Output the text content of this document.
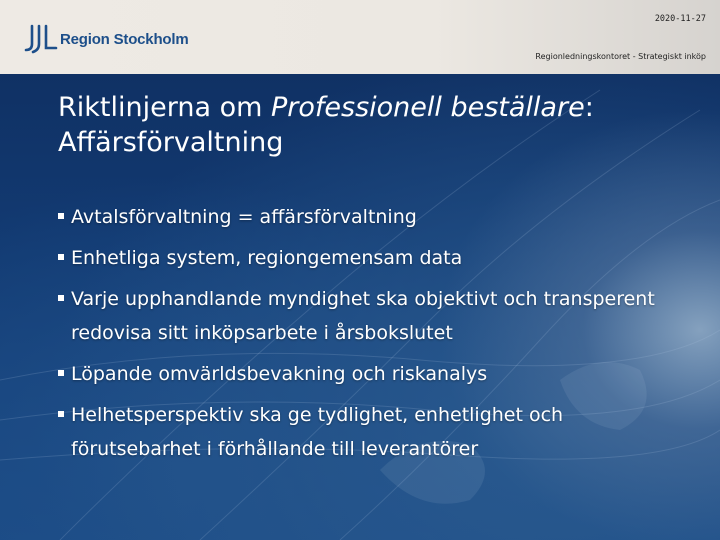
Region Stockholm
2020-11-27
Regionledningskontoret - Strategiskt inköp
Riktlinjerna om Professionell beställare: Affärsförvaltning
Avtalsförvaltning = affärsförvaltning
Enhetliga system, regiongemensam data
Varje upphandlande myndighet ska objektivt och transperent redovisa sitt inköpsarbete i årsbokslutet
Löpande omvärldsbevakning och riskanalys
Helhetsperspektiv ska ge tydlighet, enhetlighet och förutsebarhet i förhållande till leverantörer
